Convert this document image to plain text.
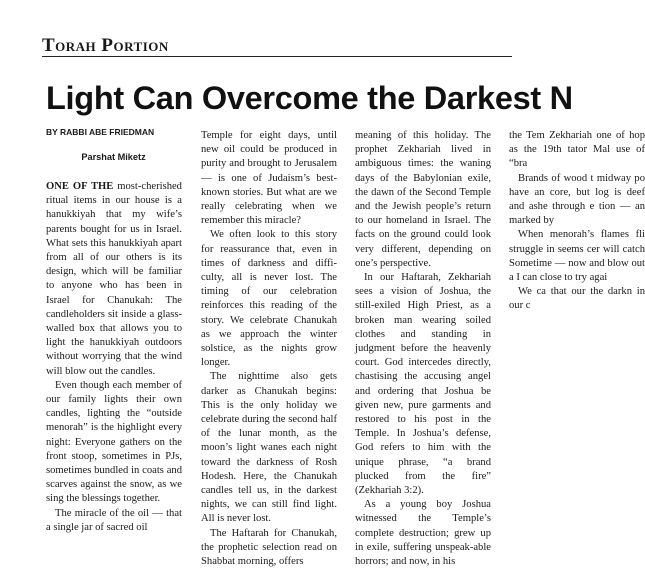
Torah Portion
Light Can Overcome the Darkest N
BY RABBI ABE FRIEDMAN
Parshat Miketz

ONE OF THE most-cherished ritual items in our house is a hanukkiyah that my wife’s parents bought for us in Israel. What sets this hanukkiyah apart from all of our others is its design, which will be familiar to anyone who has been in Israel for Chanukah: The candleholders sit inside a glass-walled box that allows you to light the hanukkiyah outdoors without worrying that the wind will blow out the candles.

Even though each member of our family lights their own candles, lighting the “outside menorah” is the highlight every night: Everyone gathers on the front stoop, sometimes in PJs, sometimes bundled in coats and scarves against the snow, as we sing the blessings together.

The miracle of the oil — that a single jar of sacred oil

Temple for eight days, until new oil could be produced in purity and brought to Jerusalem — is one of Judaism’s best-known stories. But what are we really celebrating when we remember this miracle?

We often look to this story for reassurance that, even in times of darkness and diffi-culty, all is never lost. The timing of our celebration reinforces this reading of the story. We celebrate Chanukah as we approach the winter solstice, as the nights grow longer.

The nighttime also gets darker as Chanukah begins: This is the only holiday we celebrate during the second half of the lunar month, as the moon’s light wanes each night toward the darkness of Rosh Hodesh. Here, the Chanukah candles tell us, in the darkest nights, we can still find light. All is never lost.

The Haftarah for Chanukah, the prophetic selection read on Shabbat morning, offers

meaning of this holiday. The prophet Zekhariah lived in ambiguous times: the waning days of the Babylonian exile, the dawn of the Second Temple and the Jewish people’s return to our homeland in Israel. The facts on the ground could look very different, depending on one’s perspective.

In our Haftarah, Zekhariah sees a vision of Joshua, the still-exiled High Priest, as a broken man wearing soiled clothes and standing in judgment before the heavenly court. God intercedes directly, chastising the accusing angel and ordering that Joshua be given new, pure garments and restored to his post in the Temple. In Joshua’s defense, God refers to him with the unique phrase, “a brand plucked from the fire” (Zekhariah 3:2).

As a young boy Joshua witnessed the Temple’s complete destruction; grew up in exile, suffering unspeak-able horrors; and now, in his

the Tem Zekhariah one of hop as the 19th tator Mal use of “bra

Brands of wood t midway po have an core, but log is deef and ashe through e tion — an marked by

When menorah’s flames fli struggle in seems cer will catch Sometime — now and blow out a I can close to try agai

We ca that our the darkn in our c
